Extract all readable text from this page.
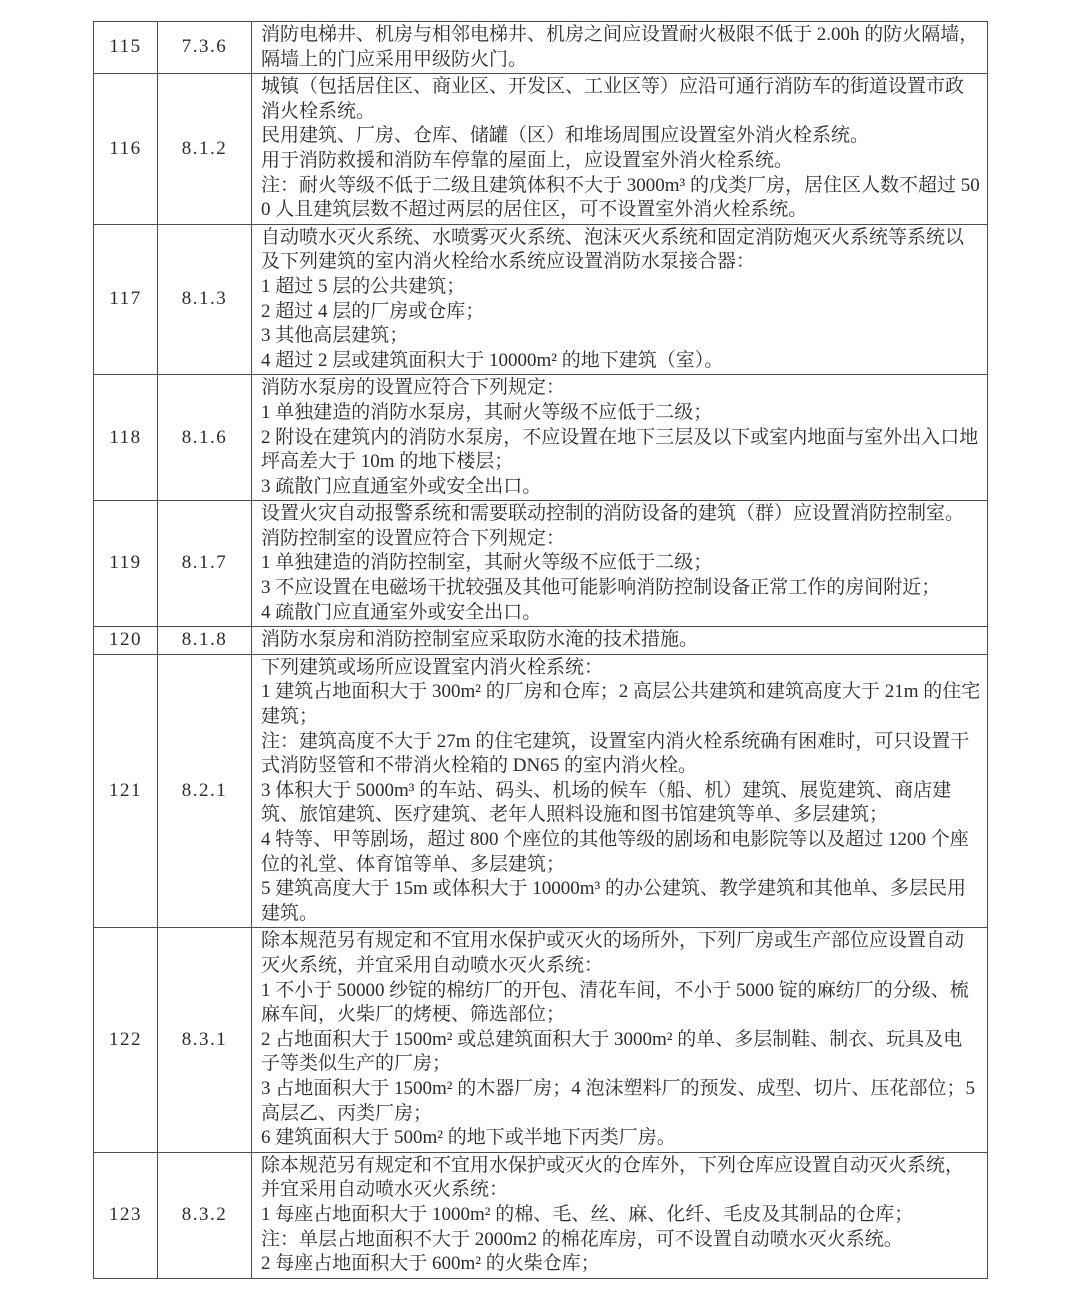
115	7.3.6	消防电梯井、机房与相邻电梯井、机房之间应设置耐火极限不低于 2.00h 的防火隔墙，隔墙上的门应采用甲级防火门。

116	8.1.2	城镇（包括居住区、商业区、开发区、工业区等）应沿可通行消防车的街道设置市政消火栓系统。
民用建筑、厂房、仓库、储罐（区）和堆场周围应设置室外消火栓系统。
用于消防救援和消防车停靠的屋面上，应设置室外消火栓系统。
注：耐火等级不低于二级且建筑体积不大于 3000m³ 的戊类厂房，居住区人数不超过 500 人且建筑层数不超过两层的居住区，可不设置室外消火栓系统。

117	8.1.3	自动喷水灭火系统、水喷雾灭火系统、泡沫灭火系统和固定消防炮灭火系统等系统以及下列建筑的室内消火栓给水系统应设置消防水泵接合器：
1 超过 5 层的公共建筑；
2 超过 4 层的厂房或仓库；
3 其他高层建筑；
4 超过 2 层或建筑面积大于 10000m² 的地下建筑（室）。

118	8.1.6	消防水泵房的设置应符合下列规定：
1 单独建造的消防水泵房，其耐火等级不应低于二级；
2 附设在建筑内的消防水泵房，不应设置在地下三层及以下或室内地面与室外出入口地坪高差大于 10m 的地下楼层；
3 疏散门应直通室外或安全出口。

119	8.1.7	设置火灾自动报警系统和需要联动控制的消防设备的建筑（群）应设置消防控制室。消防控制室的设置应符合下列规定：
1 单独建造的消防控制室，其耐火等级不应低于二级；
3 不应设置在电磁场干扰较强及其他可能影响消防控制设备正常工作的房间附近；
4 疏散门应直通室外或安全出口。

120	8.1.8	消防水泵房和消防控制室应采取防水淹的技术措施。

121	8.2.1	
下列建筑或场所应设置室内消火栓系统：
1 建筑占地面积大于 300m² 的厂房和仓库；2 高层公共建筑和建筑高度大于 21m 的住宅建筑；
注：建筑高度不大于 27m 的住宅建筑，设置室内消火栓系统确有困难时，可只设置干式消防竖管和不带消火栓箱的 DN65 的室内消火栓。
3 体积大于 5000m³ 的车站、码头、机场的候车（船、机）建筑、展览建筑、商店建筑、旅馆建筑、医疗建筑、老年人照料设施和图书馆建筑等单、多层建筑；
4 特等、甲等剧场，超过 800 个座位的其他等级的剧场和电影院等以及超过 1200 个座位的礼堂、体育馆等单、多层建筑；
5 建筑高度大于 15m 或体积大于 10000m³ 的办公建筑、教学建筑和其他单、多层民用建筑。

122	8.3.1	除本规范另有规定和不宜用水保护或灭火的场所外，下列厂房或生产部位应设置自动灭火系统，并宜采用自动喷水灭火系统：
1 不小于 50000 纱锭的棉纺厂的开包、清花车间，不小于 5000 锭的麻纺厂的分级、梳麻车间，火柴厂的烤梗、筛选部位；
2 占地面积大于 1500m² 或总建筑面积大于 3000m² 的单、多层制鞋、制衣、玩具及电子等类似生产的厂房；
3 占地面积大于 1500m² 的木器厂房；4 泡沫塑料厂的预发、成型、切片、压花部位；5 高层乙、丙类厂房；
6 建筑面积大于 500m² 的地下或半地下丙类厂房。

123	8.3.2	除本规范另有规定和不宜用水保护或灭火的仓库外，下列仓库应设置自动灭火系统，并宜采用自动喷水灭火系统：
1 每座占地面积大于 1000m² 的棉、毛、丝、麻、化纤、毛皮及其制品的仓库；
注：单层占地面积不大于 2000m2 的棉花库房，可不设置自动喷水灭火系统。
2 每座占地面积大于 600m² 的火柴仓库；
